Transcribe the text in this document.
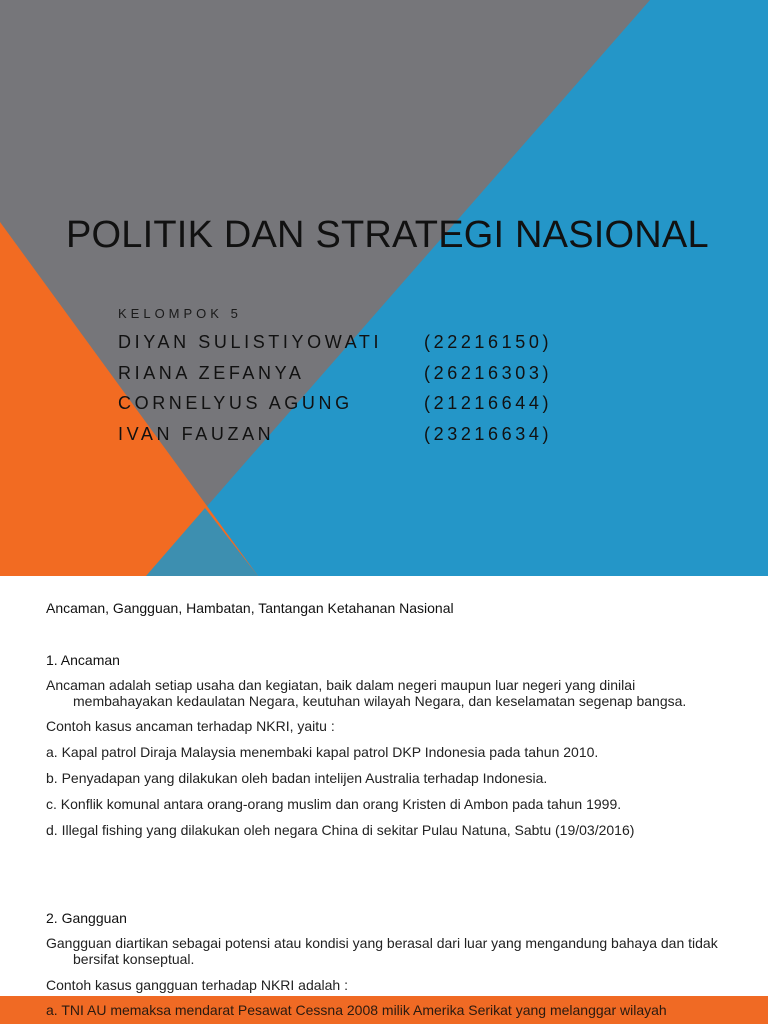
POLITIK DAN STRATEGI NASIONAL
KELOMPOK 5
DIYAN SULISTIYOWATI (22216150)
RIANA ZEFANYA	(26216303)
CORNELYUS AGUNG	(21216644)
IVAN FAUZAN	(23216634)
Ancaman, Gangguan, Hambatan, Tantangan Ketahanan Nasional
1. Ancaman
Ancaman adalah setiap usaha dan kegiatan, baik dalam negeri maupun luar negeri yang dinilai membahayakan kedaulatan Negara, keutuhan wilayah Negara, dan keselamatan segenap bangsa.
Contoh kasus ancaman terhadap NKRI, yaitu :
a. Kapal patrol Diraja Malaysia menembaki kapal patrol DKP Indonesia pada tahun 2010.
b. Penyadapan yang dilakukan oleh badan intelijen Australia terhadap Indonesia.
c. Konflik komunal antara orang-orang muslim dan orang Kristen di Ambon pada tahun 1999.
d. Illegal fishing yang dilakukan oleh negara China di sekitar Pulau Natuna, Sabtu (19/03/2016)
2. Gangguan
Gangguan diartikan sebagai potensi atau kondisi yang berasal dari luar yang mengandung bahaya dan tidak bersifat konseptual.
Contoh kasus gangguan terhadap NKRI adalah :
a. TNI AU memaksa mendarat Pesawat Cessna 2008 milik Amerika Serikat yang melanggar wilayah
